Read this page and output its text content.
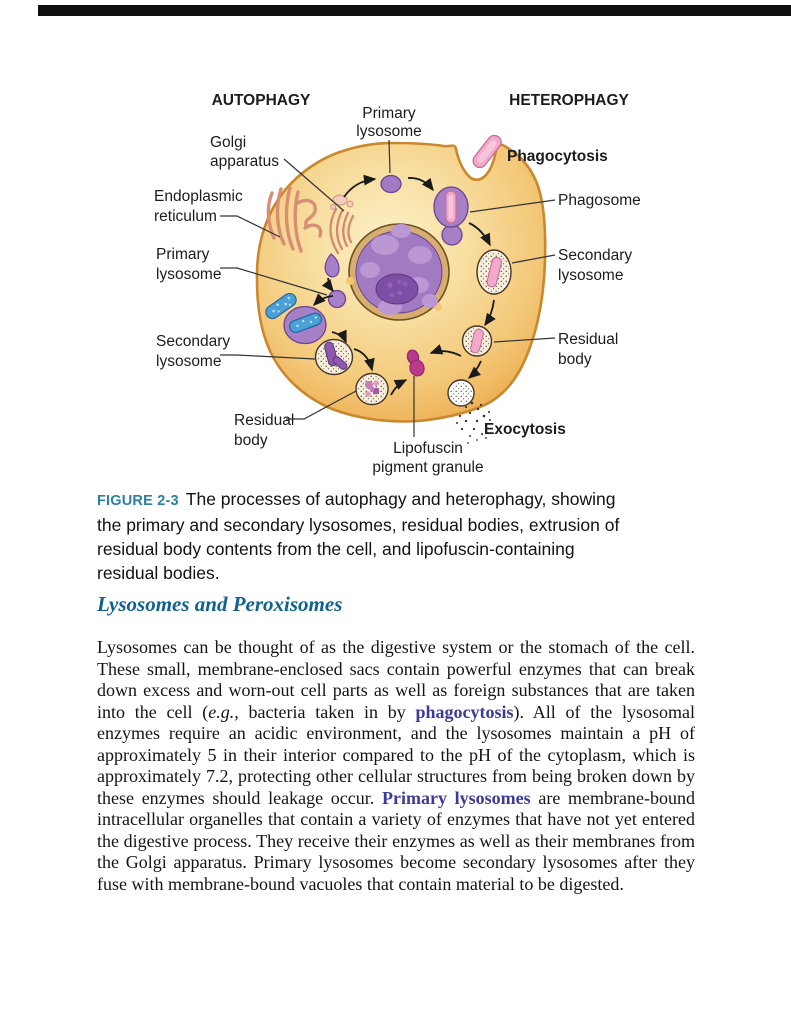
AUTOPHAGY	HETEROPHAGY
Primary
lysosome
Golgi
apparatus	Phagocytosis
Endoplasmic
reticulum
Phagosome
Primary
lysosome
Secondary
lysosome
Secondary
lysosome
Residual
body
Residual
body
Exocytosis
Lipofuscin
pigment granule
FIGURE 2-3 The processes of autophagy and heterophagy, showing
the primary and secondary lysosomes, residual bodies, extrusion of
residual body contents from the cell, and lipofuscin-containing
residual bodies.
Lysosomes and Peroxisomes
Lysosomes can be thought of as the digestive system or the stomach of the cell. These small, membrane-enclosed sacs contain powerful enzymes that can break down excess and worn-out cell parts as well as foreign substances that are taken into the cell (e.g., bacteria taken in by phagocytosis). All of the lysosomal enzymes require an acidic environment, and the lysosomes maintain a pH of approximately 5 in their interior compared to the pH of the cytoplasm, which is approximately 7.2, protecting other cellular structures from being broken down by these enzymes should leakage occur. Primary lysosomes are membrane-bound intracellular organelles that contain a variety of enzymes that have not yet entered the digestive process. They receive their enzymes as well as their membranes from the Golgi apparatus. Primary lysosomes become secondary lysosomes after they fuse with membrane-bound vacuoles that contain material to be digested.
